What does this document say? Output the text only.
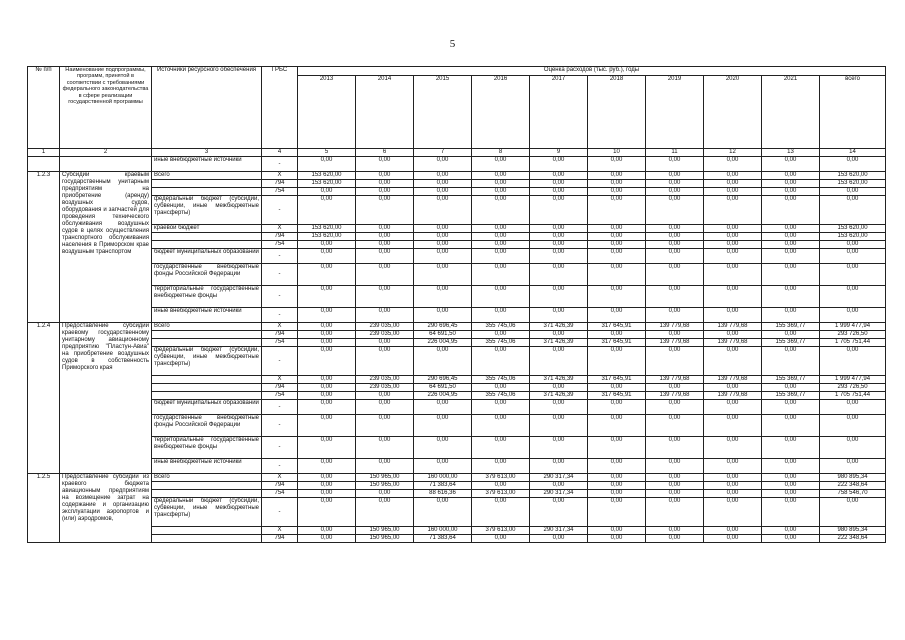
5
№ п/п	Наименование подпрограммы, программ, принятой в соответствии с требованиями федерального законодательства в сфере реализации государственной программы	Источники ресурсного обеспечения	ГРБС	Оценка расходов (тыс. руб.), годы									
				2013	2014	2015	2016	2017	2018	2019	2020	2021	всего
1	2	3	4	5	6	7	8	9	10	11	12	13	14
		иные внебюджетные источники	-	0,00	0,00	0,00	0,00	0,00	0,00	0,00	0,00	0,00	0,00
1.2.3	Субсидии краевым государственным унитарным предприятиям на приобретение (аренду) воздушных судов, оборудования и запчастей для проведения технического обслуживания воздушных судов в целях осуществления транспортного обслуживания населения в Приморском крае воздушным транспортом	Всего	X	153 620,00	0,00	0,00	0,00	0,00	0,00	0,00	0,00	0,00	153 620,00
			794	153 620,00	0,00	0,00	0,00	0,00	0,00	0,00	0,00	0,00	153 620,00
			754	0,00	0,00	0,00	0,00	0,00	0,00	0,00	0,00	0,00	0,00
		федеральный бюджет (субсидии, субвенции, иные межбюджетные трансферты)	-	0,00	0,00	0,00	0,00	0,00	0,00	0,00	0,00	0,00	0,00
		краевой бюджет	X	153 620,00	0,00	0,00	0,00	0,00	0,00	0,00	0,00	0,00	153 620,00
			794	153 620,00	0,00	0,00	0,00	0,00	0,00	0,00	0,00	0,00	153 620,00
			754	0,00	0,00	0,00	0,00	0,00	0,00	0,00	0,00	0,00	0,00
		бюджет муниципальных образований	-	0,00	0,00	0,00	0,00	0,00	0,00	0,00	0,00	0,00	0,00
		государственные внебюджетные фонды Российской Федерации	-	0,00	0,00	0,00	0,00	0,00	0,00	0,00	0,00	0,00	0,00
		территориальные государственные внебюджетные фонды	-	0,00	0,00	0,00	0,00	0,00	0,00	0,00	0,00	0,00	0,00
		иные внебюджетные источники	-	0,00	0,00	0,00	0,00	0,00	0,00	0,00	0,00	0,00	0,00
1.2.4	Предоставление субсидии краевому государственному унитарному авиационному предприятию "Пластун-Авиа" на приобретение воздушных судов в собственность Приморского края	Всего	X	0,00	239 035,00	290 696,45	355 745,06	371 426,39	317 645,91	139 779,68	139 779,68	155 369,77	1 999 477,94
			794	0,00	239 035,00	64 691,50	0,00	0,00	0,00	0,00	0,00	0,00	293 726,50
			754	0,00	0,00	226 004,95	355 745,06	371 426,39	317 645,91	139 779,68	139 779,68	155 369,77	1 705 751,44
		федеральный бюджет (субсидии, субвенции, иные межбюджетные трансферты)	-	0,00	0,00	0,00	0,00	0,00	0,00	0,00	0,00	0,00	0,00
			X	0,00	239 035,00	290 696,45	355 745,06	371 426,39	317 645,91	139 779,68	139 779,68	155 369,77	1 999 477,94
			794	0,00	239 035,00	64 691,50	0,00	0,00	0,00	0,00	0,00	0,00	293 726,50
			754	0,00	0,00	226 004,95	355 745,06	371 426,39	317 645,91	139 779,68	139 779,68	155 369,77	1 705 751,44
		бюджет муниципальных образований	-	0,00	0,00	0,00	0,00	0,00	0,00	0,00	0,00	0,00	0,00
		государственные внебюджетные фонды Российской Федерации	-	0,00	0,00	0,00	0,00	0,00	0,00	0,00	0,00	0,00	0,00
		территориальные государственные внебюджетные фонды	-	0,00	0,00	0,00	0,00	0,00	0,00	0,00	0,00	0,00	0,00
		иные внебюджетные источники	-	0,00	0,00	0,00	0,00	0,00	0,00	0,00	0,00	0,00	0,00
1.2.5	Предоставление субсидии из краевого бюджета авиационным предприятиям на возмещение затрат на содержание и организацию эксплуатации аэропортов и (или) аэродромов,	Всего	X	0,00	150 965,00	160 000,00	379 613,00	290 317,34	0,00	0,00	0,00	0,00	980 895,34
			794	0,00	150 965,00	71 383,64	0,00	0,00	0,00	0,00	0,00	0,00	222 348,64
			754	0,00	0,00	88 616,36	379 613,00	290 317,34	0,00	0,00	0,00	0,00	758 546,70
		федеральный бюджет (субсидии, субвенции, иные межбюджетные трансферты)	-	0,00	0,00	0,00	0,00	0,00	0,00	0,00	0,00	0,00	0,00
			X	0,00	150 965,00	160 000,00	379 613,00	290 317,34	0,00	0,00	0,00	0,00	980 895,34
			794	0,00	150 965,00	71 383,64	0,00	0,00	0,00	0,00	0,00	0,00	222 348,64
